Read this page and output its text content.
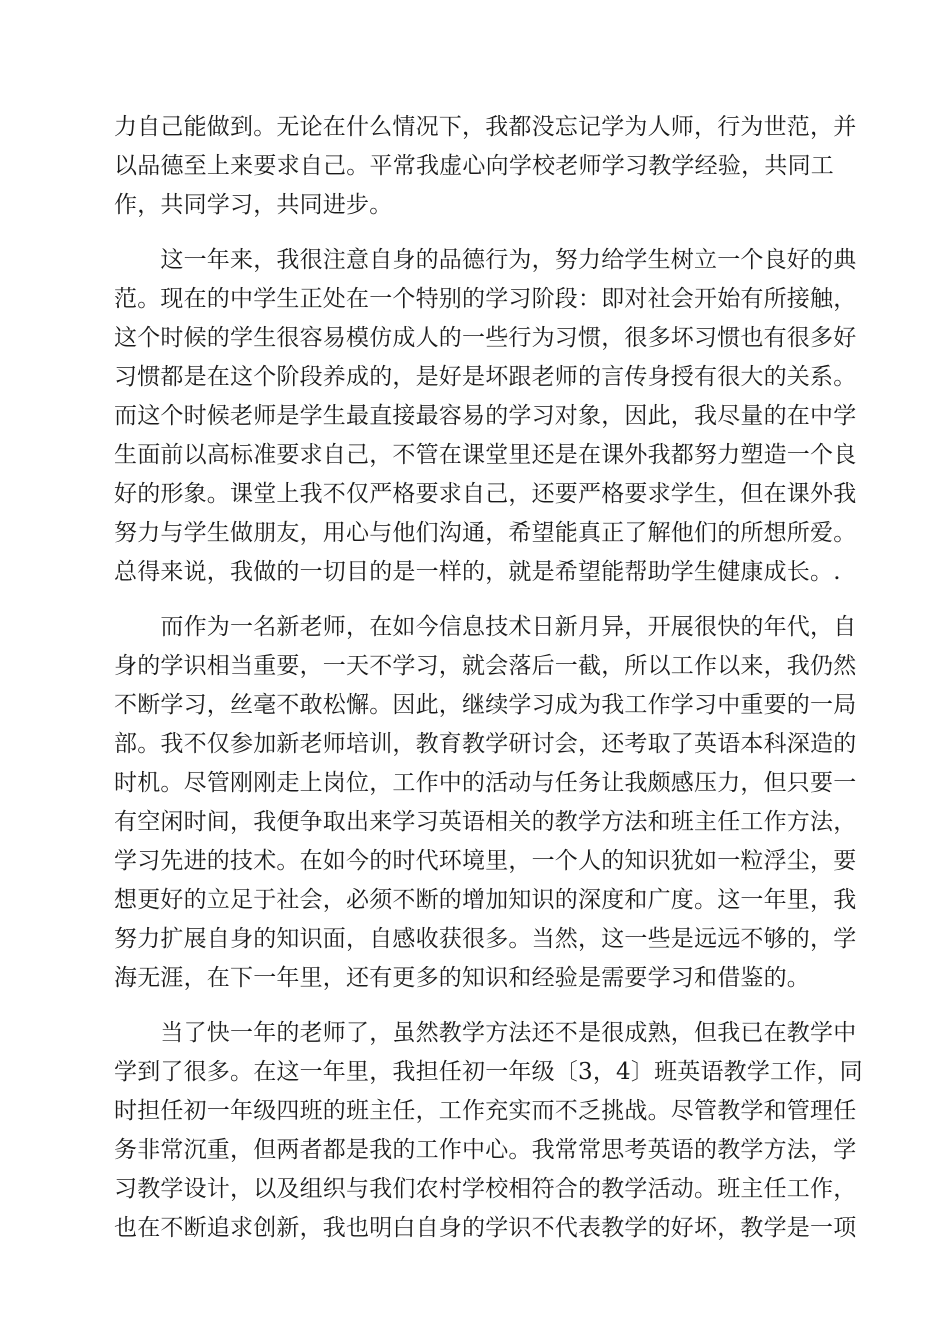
力自己能做到。无论在什么情况下，我都没忘记学为人师，行为世范，并
以品德至上来要求自己。平常我虚心向学校老师学习教学经验，共同工
作，共同学习，共同进步。
　　这一年来，我很注意自身的品德行为，努力给学生树立一个良好的典
范。现在的中学生正处在一个特别的学习阶段：即对社会开始有所接触，
这个时候的学生很容易模仿成人的一些行为习惯，很多坏习惯也有很多好
习惯都是在这个阶段养成的，是好是坏跟老师的言传身授有很大的关系。
而这个时候老师是学生最直接最容易的学习对象，因此，我尽量的在中学
生面前以高标准要求自己，不管在课堂里还是在课外我都努力塑造一个良
好的形象。课堂上我不仅严格要求自己，还要严格要求学生，但在课外我
努力与学生做朋友，用心与他们沟通，希望能真正了解他们的所想所爱。
总得来说，我做的一切目的是一样的，就是希望能帮助学生健康成长。.
　　而作为一名新老师，在如今信息技术日新月异，开展很快的年代，自
身的学识相当重要，一天不学习，就会落后一截，所以工作以来，我仍然
不断学习，丝毫不敢松懈。因此，继续学习成为我工作学习中重要的一局
部。我不仅参加新老师培训，教育教学研讨会，还考取了英语本科深造的
时机。尽管刚刚走上岗位，工作中的活动与任务让我颇感压力，但只要一
有空闲时间，我便争取出来学习英语相关的教学方法和班主任工作方法，
学习先进的技术。在如今的时代环境里，一个人的知识犹如一粒浮尘，要
想更好的立足于社会，必须不断的增加知识的深度和广度。这一年里，我
努力扩展自身的知识面，自感收获很多。当然，这一些是远远不够的，学
海无涯，在下一年里，还有更多的知识和经验是需要学习和借鉴的。
　　当了快一年的老师了，虽然教学方法还不是很成熟，但我已在教学中
学到了很多。在这一年里，我担任初一年级〔3，4〕班英语教学工作，同
时担任初一年级四班的班主任，工作充实而不乏挑战。尽管教学和管理任
务非常沉重，但两者都是我的工作中心。我常常思考英语的教学方法，学
习教学设计，以及组织与我们农村学校相符合的教学活动。班主任工作，
也在不断追求创新，我也明白自身的学识不代表教学的好坏，教学是一项
